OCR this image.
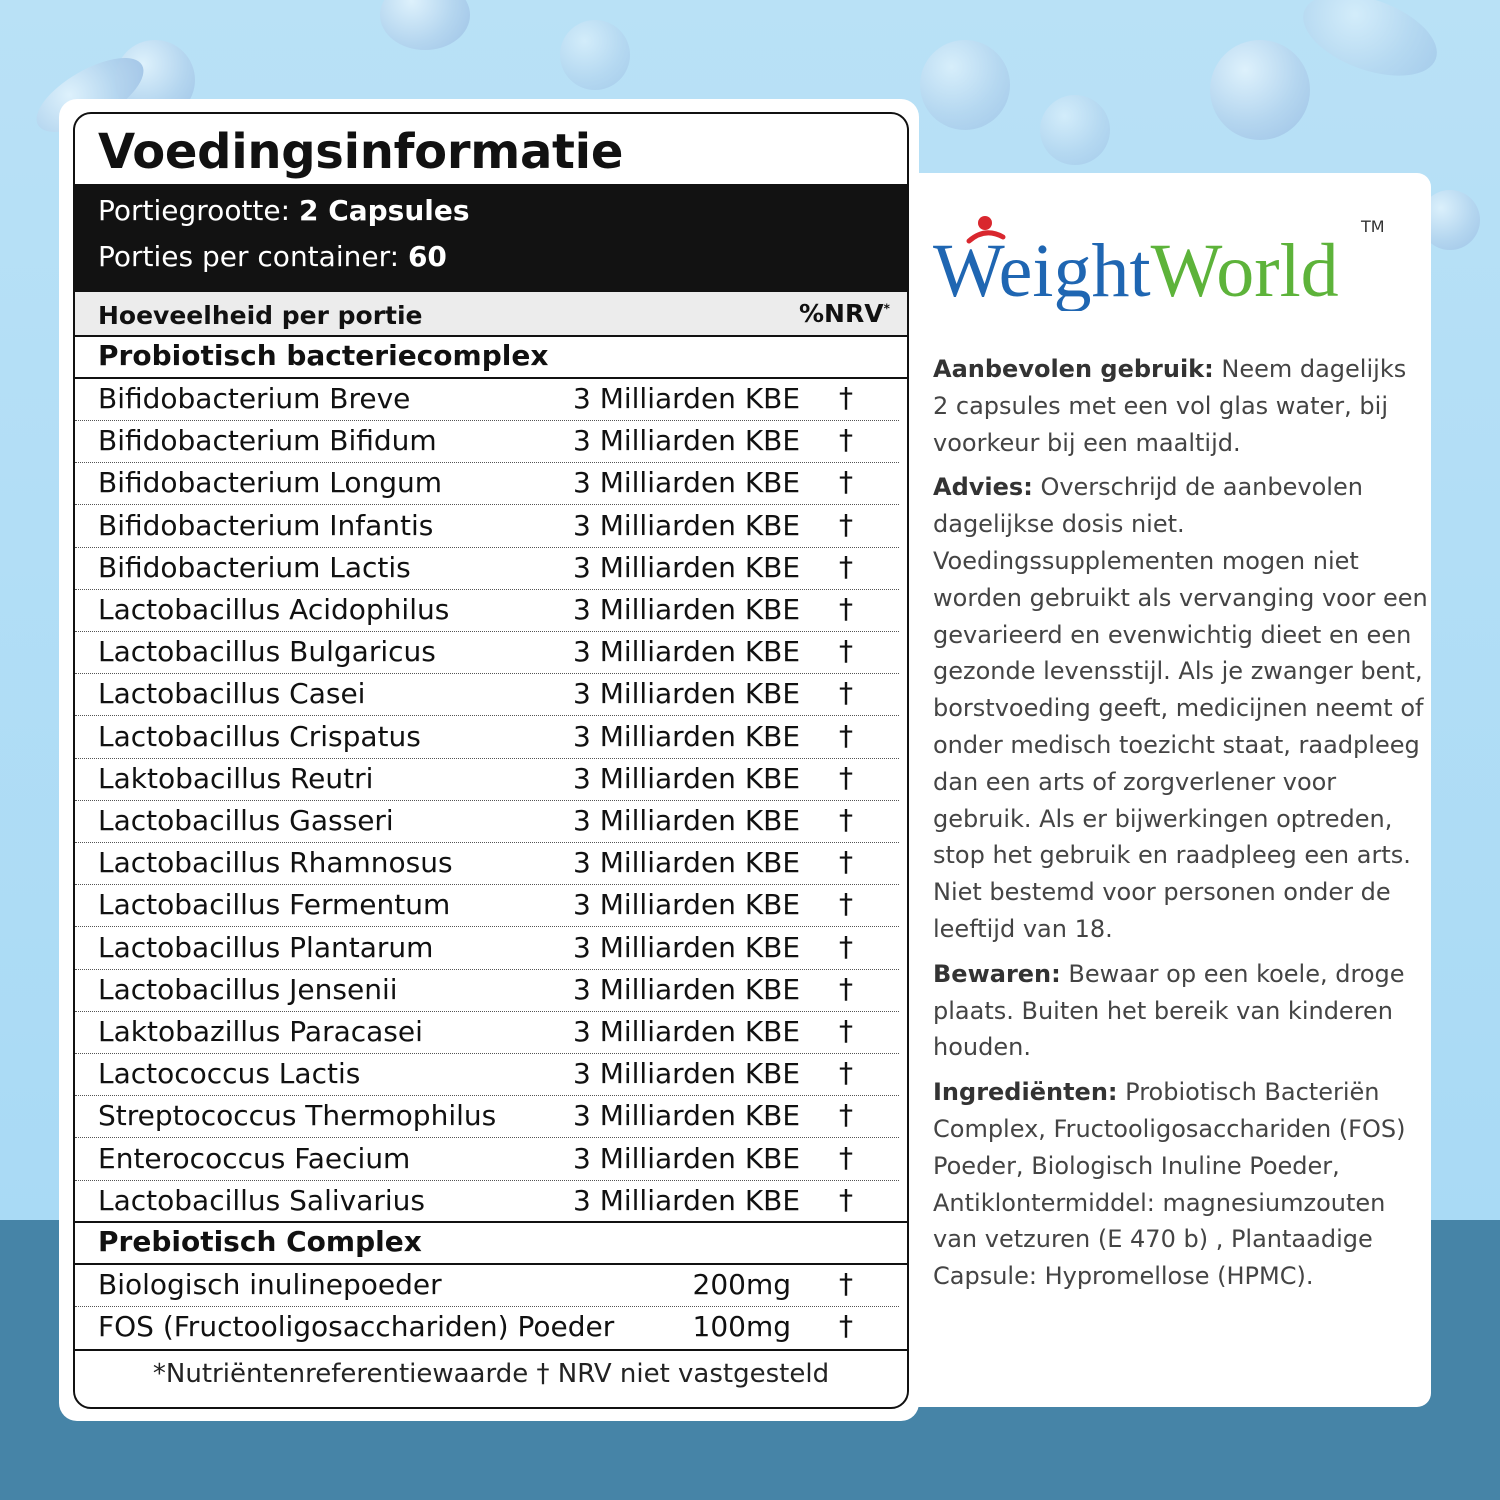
Voedingsinformatie
Portiegrootte: 2 Capsules
Porties per container: 60
Hoeveelheid per portie	%NRV*
Probiotisch bacteriecomplex
Bifidobacterium Breve	3 Milliarden KBE †
Bifidobacterium Bifidum	3 Milliarden KBE †
Bifidobacterium Longum	3 Milliarden KBE †
Bifidobacterium Infantis	3 Milliarden KBE †
Bifidobacterium Lactis	3 Milliarden KBE †
Lactobacillus Acidophilus	3 Milliarden KBE †
Lactobacillus Bulgaricus	3 Milliarden KBE †
Lactobacillus Casei	3 Milliarden KBE †
Lactobacillus Crispatus	3 Milliarden KBE †
Laktobacillus Reutri	3 Milliarden KBE †
Lactobacillus Gasseri	3 Milliarden KBE †
Lactobacillus Rhamnosus	3 Milliarden KBE †
Lactobacillus Fermentum	3 Milliarden KBE †
Lactobacillus Plantarum	3 Milliarden KBE †
Lactobacillus Jensenii	3 Milliarden KBE †
Laktobazillus Paracasei	3 Milliarden KBE †
Lactococcus Lactis	3 Milliarden KBE †
Streptococcus Thermophilus	3 Milliarden KBE †
Enterococcus Faecium	3 Milliarden KBE †
Lactobacillus Salivarius	3 Milliarden KBE †
Prebiotisch Complex
Biologisch inulinepoeder	200mg †
FOS (Fructooligosacchariden) Poeder	100mg †
*Nutriëntenreferentiewaarde † NRV niet vastgesteld
WeightWorld
TM

Aanbevolen gebruik: Neem dagelijks 2 capsules met een vol glas water, bij voorkeur bij een maaltijd.

Advies: Overschrijd de aanbevolen dagelijkse dosis niet. Voedingssupplementen mogen niet worden gebruikt als vervanging voor een gevarieerd en evenwichtig dieet en een gezonde levensstijl. Als je zwanger bent, borstvoeding geeft, medicijnen neemt of onder medisch toezicht staat, raadpleeg dan een arts of zorgverlener voor gebruik. Als er bijwerkingen optreden, stop het gebruik en raadpleeg een arts. Niet bestemd voor personen onder de leeftijd van 18.

Bewaren: Bewaar op een koele, droge plaats. Buiten het bereik van kinderen houden.

Ingrediënten: Probiotisch Bacteriën Complex, Fructooligosacchariden (FOS) Poeder, Biologisch Inuline Poeder, Antiklontermiddel: magnesiumzouten van vetzuren (E 470 b) , Plantaadige Capsule: Hypromellose (HPMC).
